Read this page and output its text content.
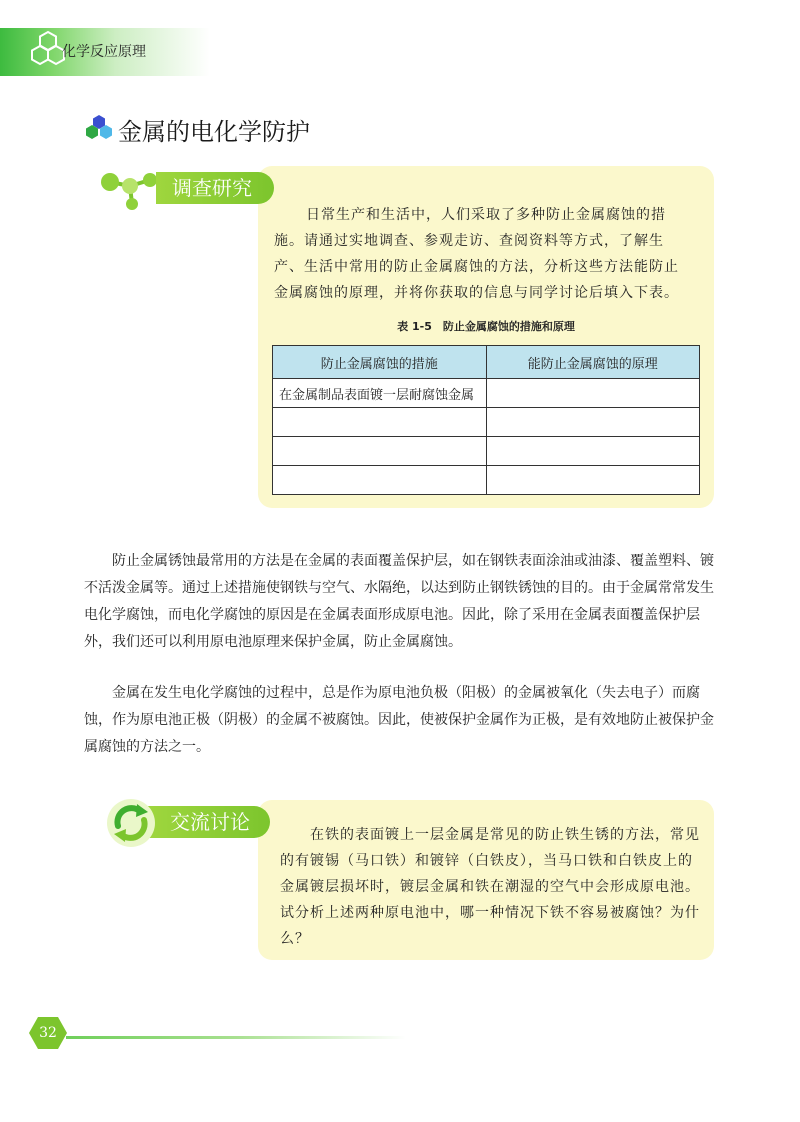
化学反应原理
金属的电化学防护
调查研究

日常生产和生活中，人们采取了多种防止金属腐蚀的措施。请通过实地调查、参观走访、查阅资料等方式，了解生产、生活中常用的防止金属腐蚀的方法，分析这些方法能防止金属腐蚀的原理，并将你获取的信息与同学讨论后填入下表。

表 1-5　防止金属腐蚀的措施和原理
防止金属腐蚀的措施	能防止金属腐蚀的原理
在金属制品表面镀一层耐腐蚀金属	

防止金属锈蚀最常用的方法是在金属的表面覆盖保护层，如在钢铁表面涂油或油漆、覆盖塑料、镀不活泼金属等。通过上述措施使钢铁与空气、水隔绝，以达到防止钢铁锈蚀的目的。由于金属常常发生电化学腐蚀，而电化学腐蚀的原因是在金属表面形成原电池。因此，除了采用在金属表面覆盖保护层外，我们还可以利用原电池原理来保护金属，防止金属腐蚀。

金属在发生电化学腐蚀的过程中，总是作为原电池负极（阳极）的金属被氧化（失去电子）而腐蚀，作为原电池正极（阴极）的金属不被腐蚀。因此，使被保护金属作为正极，是有效地防止被保护金属腐蚀的方法之一。

交流讨论

在铁的表面镀上一层金属是常见的防止铁生锈的方法，常见的有镀锡（马口铁）和镀锌（白铁皮），当马口铁和白铁皮上的金属镀层损坏时，镀层金属和铁在潮湿的空气中会形成原电池。试分析上述两种原电池中，哪一种情况下铁不容易被腐蚀？为什么？

32
